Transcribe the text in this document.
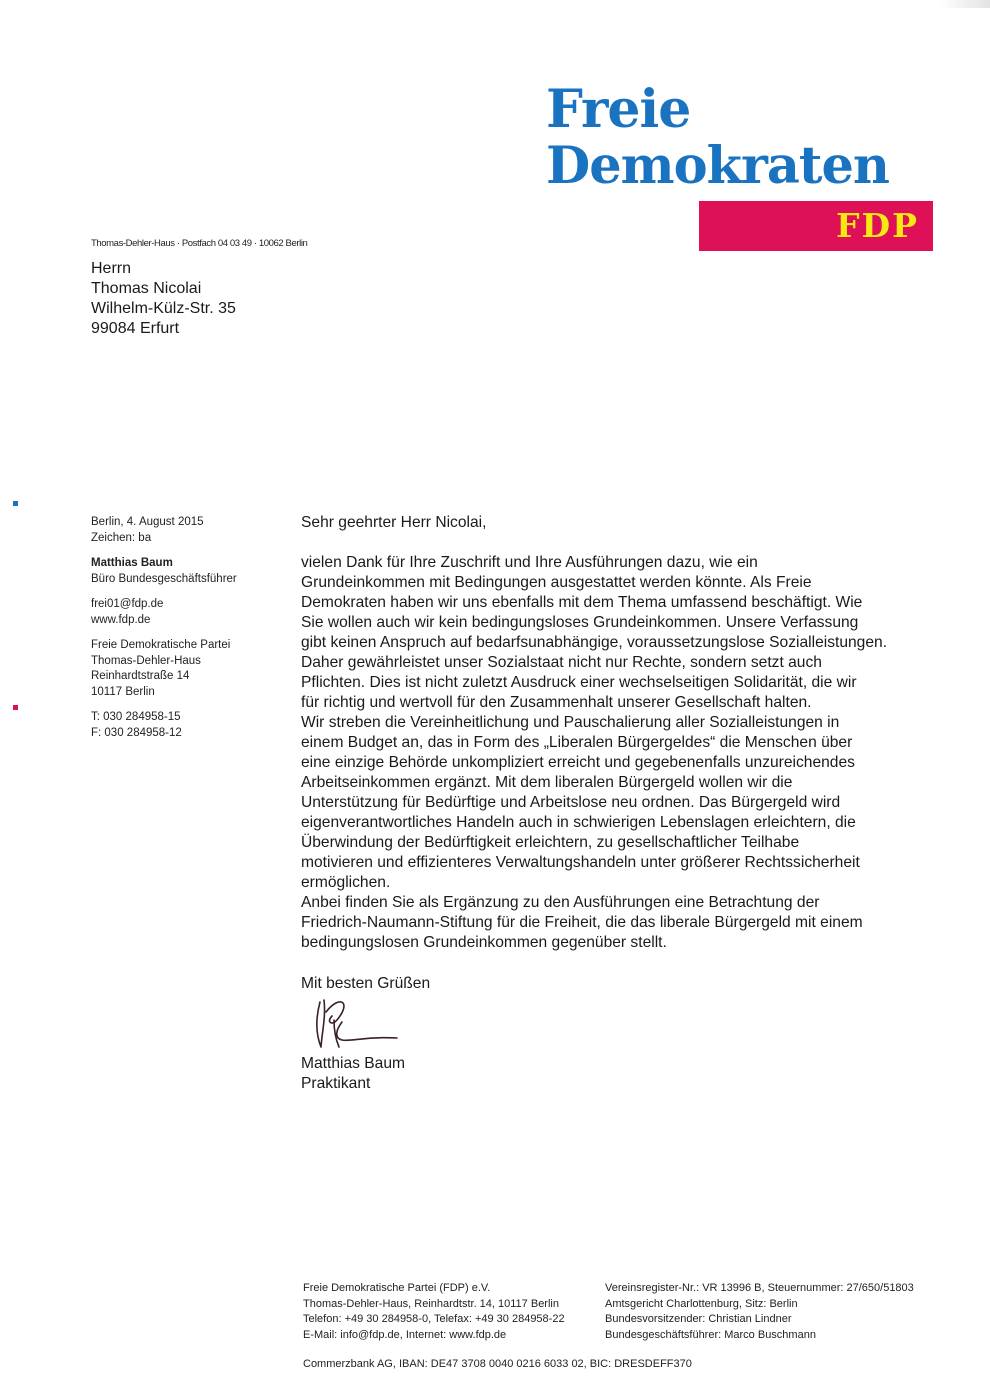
Freie
Demokraten
FDP
Thomas-Dehler-Haus · Postfach 04 03 49 · 10062 Berlin
Herrn
Thomas Nicolai
Wilhelm-Külz-Str. 35
99084 Erfurt
Berlin, 4. August 2015
Zeichen: ba
Matthias Baum
Büro Bundesgeschäftsführer
frei01@fdp.de
www.fdp.de
Freie Demokratische Partei
Thomas-Dehler-Haus
Reinhardtstraße 14
10117 Berlin
T: 030 284958-15
F: 030 284958-12

Sehr geehrter Herr Nicolai,

vielen Dank für Ihre Zuschrift und Ihre Ausführungen dazu, wie ein

Grundeinkommen mit Bedingungen ausgestattet werden könnte. Als Freie

Demokraten haben wir uns ebenfalls mit dem Thema umfassend beschäftigt. Wie

Sie wollen auch wir kein bedingungsloses Grundeinkommen. Unsere Verfassung

gibt keinen Anspruch auf bedarfsunabhängige, voraussetzungslose Sozialleistungen.

Daher gewährleistet unser Sozialstaat nicht nur Rechte, sondern setzt auch

Pflichten. Dies ist nicht zuletzt Ausdruck einer wechselseitigen Solidarität, die wir

für richtig und wertvoll für den Zusammenhalt unserer Gesellschaft halten.

Wir streben die Vereinheitlichung und Pauschalierung aller Sozialleistungen in

einem Budget an, das in Form des „Liberalen Bürgergeldes“ die Menschen über

eine einzige Behörde unkompliziert erreicht und gegebenenfalls unzureichendes

Arbeitseinkommen ergänzt. Mit dem liberalen Bürgergeld wollen wir die

Unterstützung für Bedürftige und Arbeitslose neu ordnen. Das Bürgergeld wird

eigenverantwortliches Handeln auch in schwierigen Lebenslagen erleichtern, die

Überwindung der Bedürftigkeit erleichtern, zu gesellschaftlicher Teilhabe

motivieren und effizienteres Verwaltungshandeln unter größerer Rechtssicherheit

ermöglichen.

Anbei finden Sie als Ergänzung zu den Ausführungen eine Betrachtung der

Friedrich-Naumann-Stiftung für die Freiheit, die das liberale Bürgergeld mit einem

bedingungslosen Grundeinkommen gegenüber stellt.

Mit besten Grüßen
Matthias Baum
Praktikant
Freie Demokratische Partei (FDP) e.V.
Thomas-Dehler-Haus, Reinhardtstr. 14, 10117 Berlin
Telefon: +49 30 284958-0, Telefax: +49 30 284958-22
E-Mail: info@fdp.de, Internet: www.fdp.de
Vereinsregister-Nr.: VR 13996 B, Steuernummer: 27/650/51803
Amtsgericht Charlottenburg, Sitz: Berlin
Bundesvorsitzender: Christian Lindner
Bundesgeschäftsführer: Marco Buschmann
Commerzbank AG, IBAN: DE47 3708 0040 0216 6033 02, BIC: DRESDEFF370
